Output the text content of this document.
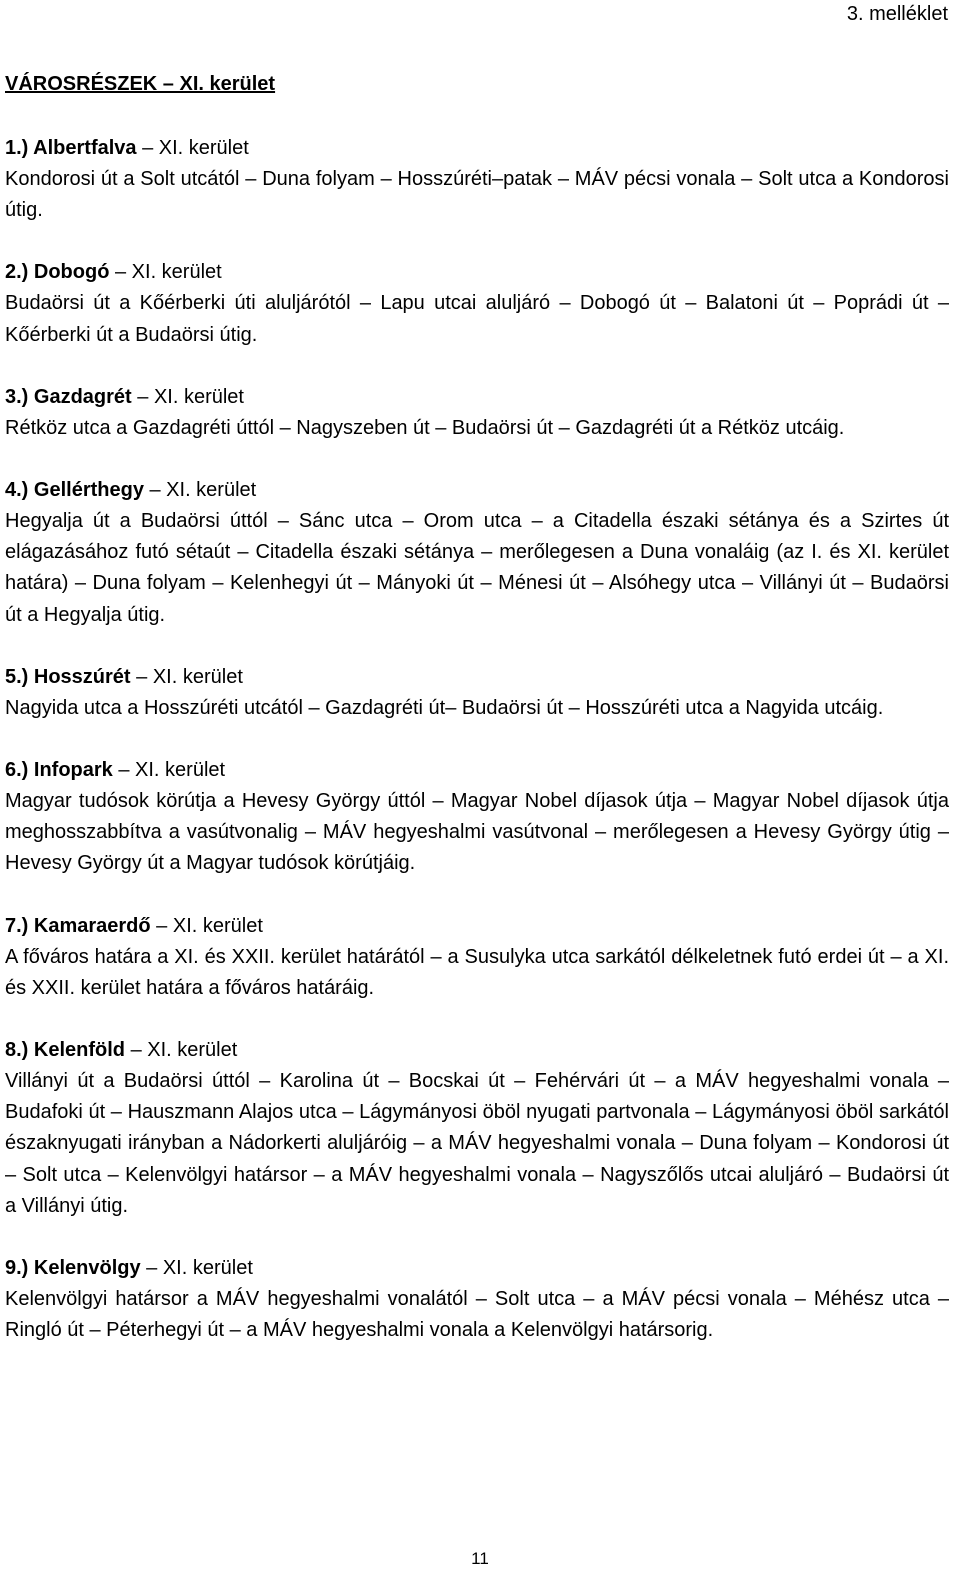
3. melléklet
VÁROSRÉSZEK – XI. kerület
1.) Albertfalva – XI. kerület
Kondorosi út a Solt utcától – Duna folyam – Hosszúréti–patak – MÁV pécsi vonala – Solt utca a Kondorosi útig.
2.) Dobogó – XI. kerület
Budaörsi út a Kőérberki úti aluljárótól – Lapu utcai aluljáró – Dobogó út – Balatoni út – Poprádi út – Kőérberki út a Budaörsi útig.
3.) Gazdagrét – XI. kerület
Rétköz utca a Gazdagréti úttól – Nagyszeben út – Budaörsi út – Gazdagréti út a Rétköz utcáig.
4.) Gellérthegy – XI. kerület
Hegyalja út a Budaörsi úttól – Sánc utca – Orom utca – a Citadella északi sétánya és a Szirtes út elágazásához futó sétaút – Citadella északi sétánya – merőlegesen a Duna vonaláig (az I. és XI. kerület határa) – Duna folyam – Kelenhegyi út – Mányoki út – Ménesi út – Alsóhegy utca – Villányi út – Budaörsi út a Hegyalja útig.
5.) Hosszúrét – XI. kerület
Nagyida utca a Hosszúréti utcától – Gazdagréti út– Budaörsi út – Hosszúréti utca a Nagyida utcáig.
6.) Infopark – XI. kerület
Magyar tudósok körútja a Hevesy György úttól – Magyar Nobel díjasok útja – Magyar Nobel díjasok útja meghosszabbítva a vasútvonalig – MÁV hegyeshalmi vasútvonal – merőlegesen a Hevesy György útig – Hevesy György út a Magyar tudósok körútjáig.
7.) Kamaraerdő – XI. kerület
A főváros határa a XI. és XXII. kerület határától – a Susulyka utca sarkától délkeletnek futó erdei út – a XI. és XXII. kerület határa a főváros határáig.
8.) Kelenföld – XI. kerület
Villányi út a Budaörsi úttól – Karolina út – Bocskai út – Fehérvári út – a MÁV hegyeshalmi vonala – Budafoki út – Hauszmann Alajos utca – Lágymányosi öböl nyugati partvonala – Lágymányosi öböl sarkától északnyugati irányban a Nádorkerti aluljáróig – a MÁV hegyeshalmi vonala – Duna folyam – Kondorosi út – Solt utca – Kelenvölgyi határsor – a MÁV hegyeshalmi vonala – Nagyszőlős utcai aluljáró – Budaörsi út a Villányi útig.
9.) Kelenvölgy – XI. kerület
Kelenvölgyi határsor a MÁV hegyeshalmi vonalától – Solt utca – a MÁV pécsi vonala – Méhész utca – Ringló út – Péterhegyi út – a MÁV hegyeshalmi vonala a Kelenvölgyi határsorig.
11
